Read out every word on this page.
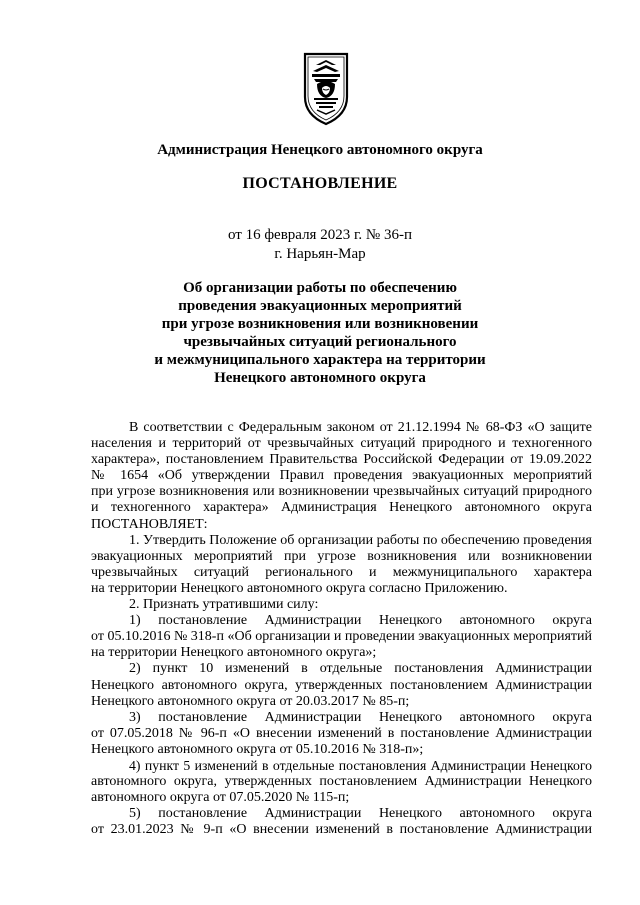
Администрация Ненецкого автономного округа
ПОСТАНОВЛЕНИЕ
от 16 февраля 2023 г. № 36-п
г. Нарьян-Мар
Об организации работы по обеспечению
проведения эвакуационных мероприятий
при угрозе возникновения или возникновении
чрезвычайных ситуаций регионального
и межмуниципального характера на территории
Ненецкого автономного округа
В соответствии с Федеральным законом от 21.12.1994 № 68-ФЗ «О защите
населения и территорий от чрезвычайных ситуаций природного и техногенного
характера», постановлением Правительства Российской Федерации от 19.09.2022
№ 1654 «Об утверждении Правил проведения эвакуационных мероприятий
при угрозе возникновения или возникновении чрезвычайных ситуаций природного
и техногенного характера» Администрация Ненецкого автономного округа
ПОСТАНОВЛЯЕТ:
1. Утвердить Положение об организации работы по обеспечению проведения
эвакуационных мероприятий при угрозе возникновения или возникновении
чрезвычайных ситуаций регионального и межмуниципального характера
на территории Ненецкого автономного округа согласно Приложению.
2. Признать утратившими силу:
1) постановление Администрации Ненецкого автономного округа
от 05.10.2016 № 318-п «Об организации и проведении эвакуационных мероприятий
на территории Ненецкого автономного округа»;
2) пункт 10 изменений в отдельные постановления Администрации
Ненецкого автономного округа, утвержденных постановлением Администрации
Ненецкого автономного округа от 20.03.2017 № 85-п;
3) постановление Администрации Ненецкого автономного округа
от 07.05.2018 № 96-п «О внесении изменений в постановление Администрации
Ненецкого автономного округа от 05.10.2016 № 318-п»;
4) пункт 5 изменений в отдельные постановления Администрации Ненецкого
автономного округа, утвержденных постановлением Администрации Ненецкого
автономного округа от 07.05.2020 № 115-п;
5) постановление Администрации Ненецкого автономного округа
от 23.01.2023 № 9-п «О внесении изменений в постановление Администрации
